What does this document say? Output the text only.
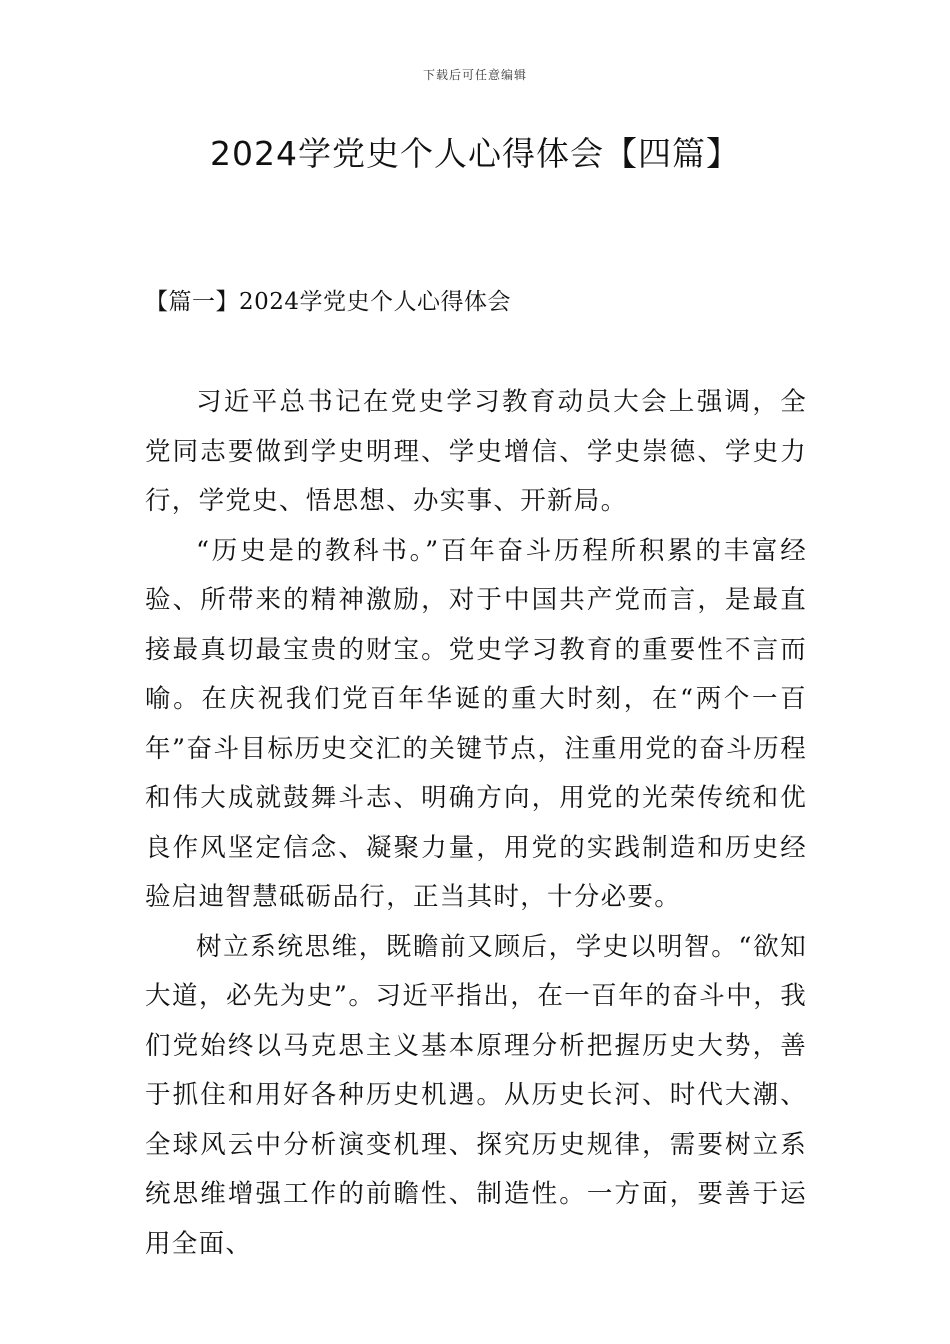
下载后可任意编辑
2024学党史个人心得体会【四篇】
【篇一】2024学党史个人心得体会

习近平总书记在党史学习教育动员大会上强调，全党同志要做到学史明理、学史增信、学史崇德、学史力行，学党史、悟思想、办实事、开新局。

“历史是的教科书。”百年奋斗历程所积累的丰富经验、所带来的精神激励，对于中国共产党而言，是最直接最真切最宝贵的财宝。党史学习教育的重要性不言而喻。在庆祝我们党百年华诞的重大时刻，在“两个一百年”奋斗目标历史交汇的关键节点，注重用党的奋斗历程和伟大成就鼓舞斗志、明确方向，用党的光荣传统和优良作风坚定信念、凝聚力量，用党的实践制造和历史经验启迪智慧砥砺品行，正当其时，十分必要。

树立系统思维，既瞻前又顾后，学史以明智。“欲知大道，必先为史”。习近平指出，在一百年的奋斗中，我们党始终以马克思主义基本原理分析把握历史大势，善于抓住和用好各种历史机遇。从历史长河、时代大潮、全球风云中分析演变机理、探究历史规律，需要树立系统思维增强工作的前瞻性、制造性。一方面，要善于运用全面、
